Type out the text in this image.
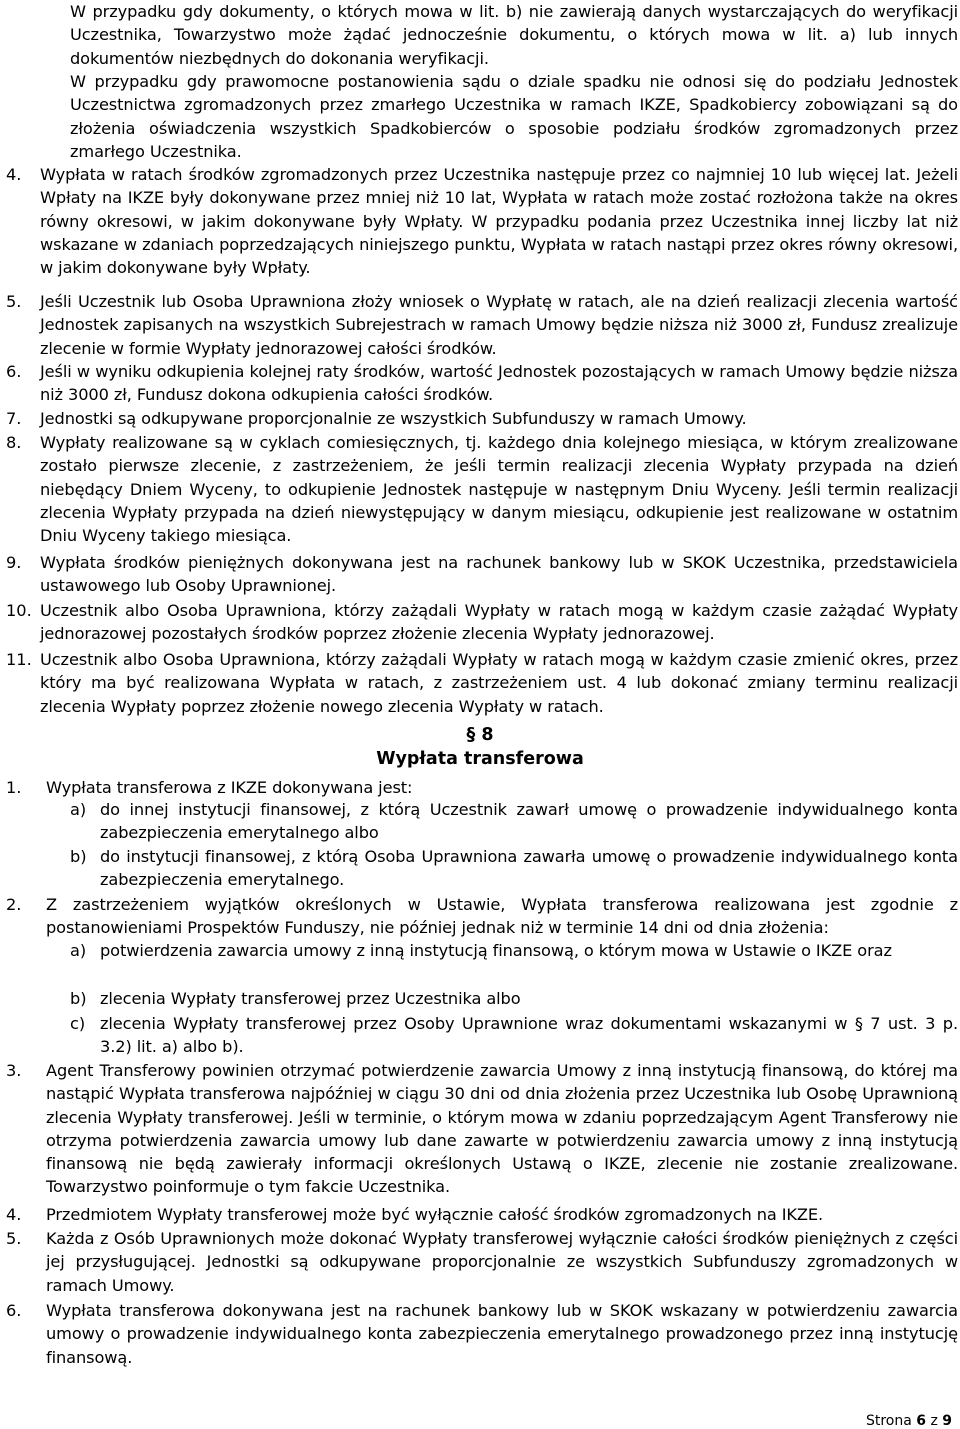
W przypadku gdy dokumenty, o których mowa w lit. b) nie zawierają danych wystarczających do weryfikacji Uczestnika, Towarzystwo może żądać jednocześnie dokumentu, o których mowa w lit. a) lub innych dokumentów niezbędnych do dokonania weryfikacji.
W przypadku gdy prawomocne postanowienia sądu o dziale spadku nie odnosi się do podziału Jednostek Uczestnictwa zgromadzonych przez zmarłego Uczestnika w ramach IKZE, Spadkobiercy zobowiązani są do złożenia oświadczenia wszystkich Spadkobierców o sposobie podziału środków zgromadzonych przez zmarłego Uczestnika.
4.	Wypłata w ratach środków zgromadzonych przez Uczestnika następuje przez co najmniej 10 lub więcej lat. Jeżeli Wpłaty na IKZE były dokonywane przez mniej niż 10 lat, Wypłata w ratach może zostać rozłożona także na okres równy okresowi, w jakim dokonywane były Wpłaty. W przypadku podania przez Uczestnika innej liczby lat niż wskazane w zdaniach poprzedzających niniejszego punktu, Wypłata w ratach nastąpi przez okres równy okresowi, w jakim dokonywane były Wpłaty.
5.	Jeśli Uczestnik lub Osoba Uprawniona złoży wniosek o Wypłatę w ratach, ale na dzień realizacji zlecenia wartość Jednostek zapisanych na wszystkich Subrejestrach w ramach Umowy będzie niższa niż 3000 zł, Fundusz zrealizuje zlecenie w formie Wypłaty jednorazowej całości środków.
6.	Jeśli w wyniku odkupienia kolejnej raty środków, wartość Jednostek pozostających w ramach Umowy będzie niższa niż 3000 zł, Fundusz dokona odkupienia całości środków.
7.	Jednostki są odkupywane proporcjonalnie ze wszystkich Subfunduszy w ramach Umowy.
8.	Wypłaty realizowane są w cyklach comiesięcznych, tj. każdego dnia kolejnego miesiąca, w którym zrealizowane zostało pierwsze zlecenie, z zastrzeżeniem, że jeśli termin realizacji zlecenia Wypłaty przypada na dzień niebędący Dniem Wyceny, to odkupienie Jednostek następuje w następnym Dniu Wyceny. Jeśli termin realizacji zlecenia Wypłaty przypada na dzień niewystępujący w danym miesiącu, odkupienie jest realizowane w ostatnim Dniu Wyceny takiego miesiąca.
9.	Wypłata środków pieniężnych dokonywana jest na rachunek bankowy lub w SKOK Uczestnika, przedstawiciela ustawowego lub Osoby Uprawnionej.
10. Uczestnik albo Osoba Uprawniona, którzy zażądali Wypłaty w ratach mogą w każdym czasie zażądać Wypłaty jednorazowej pozostałych środków poprzez złożenie zlecenia Wypłaty jednorazowej.
11. Uczestnik albo Osoba Uprawniona, którzy zażądali Wypłaty w ratach mogą w każdym czasie zmienić okres, przez który ma być realizowana Wypłata w ratach, z zastrzeżeniem ust. 4 lub dokonać zmiany terminu realizacji zlecenia Wypłaty poprzez złożenie nowego zlecenia Wypłaty w ratach.
§ 8
Wypłata transferowa
1.	Wypłata transferowa z IKZE dokonywana jest:
a) do innej instytucji finansowej, z którą Uczestnik zawarł umowę o prowadzenie indywidualnego konta zabezpieczenia emerytalnego albo
b) do instytucji finansowej, z którą Osoba Uprawniona zawarła umowę o prowadzenie indywidualnego konta zabezpieczenia emerytalnego.
2.	Z zastrzeżeniem wyjątków określonych w Ustawie, Wypłata transferowa realizowana jest zgodnie z postanowieniami Prospektów Funduszy, nie później jednak niż w terminie 14 dni od dnia złożenia:
a) potwierdzenia zawarcia umowy z inną instytucją finansową, o którym mowa w Ustawie o IKZE oraz
b) zlecenia Wypłaty transferowej przez Uczestnika albo
c) zlecenia Wypłaty transferowej przez Osoby Uprawnione wraz dokumentami wskazanymi w § 7 ust. 3 p. 3.2) lit. a) albo b).
3.	Agent Transferowy powinien otrzymać potwierdzenie zawarcia Umowy z inną instytucją finansową, do której ma nastąpić Wypłata transferowa najpóźniej w ciągu 30 dni od dnia złożenia przez Uczestnika lub Osobę Uprawnioną zlecenia Wypłaty transferowej. Jeśli w terminie, o którym mowa w zdaniu poprzedzającym Agent Transferowy nie otrzyma potwierdzenia zawarcia umowy lub dane zawarte w potwierdzeniu zawarcia umowy z inną instytucją finansową nie będą zawierały informacji określonych Ustawą o IKZE, zlecenie nie zostanie zrealizowane. Towarzystwo poinformuje o tym fakcie Uczestnika.
4.	Przedmiotem Wypłaty transferowej może być wyłącznie całość środków zgromadzonych na IKZE.
5.	Każda z Osób Uprawnionych może dokonać Wypłaty transferowej wyłącznie całości środków pieniężnych z części jej przysługującej. Jednostki są odkupywane proporcjonalnie ze wszystkich Subfunduszy zgromadzonych w ramach Umowy.
6.	Wypłata transferowa dokonywana jest na rachunek bankowy lub w SKOK wskazany w potwierdzeniu zawarcia umowy o prowadzenie indywidualnego konta zabezpieczenia emerytalnego prowadzonego przez inną instytucję finansową.
Strona 6 z 9
